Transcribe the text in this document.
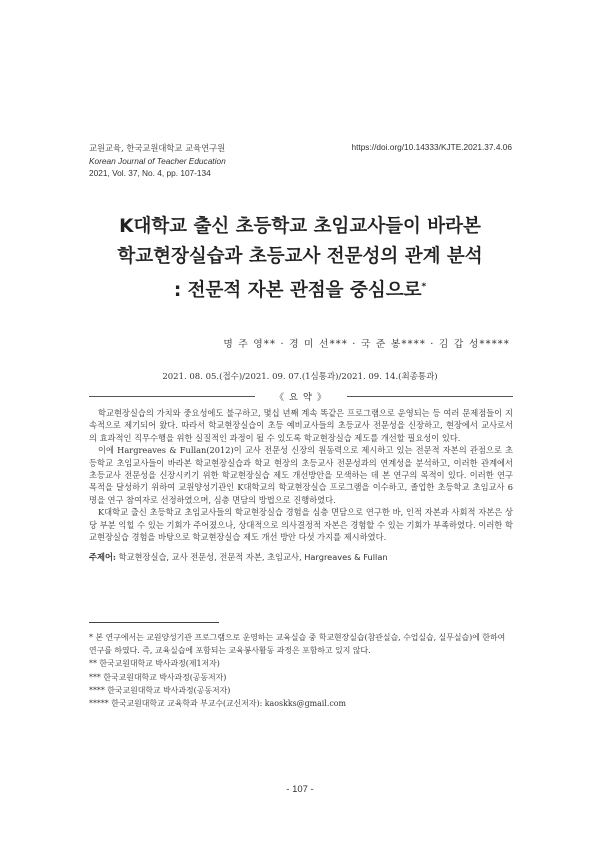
교원교육, 한국교원대학교 교육연구원
Korean Journal of Teacher Education
2021, Vol. 37, No. 4, pp. 107-134
https://doi.org/10.14333/KJTE.2021.37.4.06
K대학교 출신 초등학교 초임교사들이 바라본
학교현장실습과 초등교사 전문성의 관계 분석
: 전문적 자본 관점을 중심으로*
명 주 영** · 경 미 선*** · 국 준 봉**** · 김 갑 성*****
2021. 08. 05.(접수)/2021. 09. 07.(1심통과)/2021. 09. 14.(최종통과)
《 요 약 》

학교현장실습의 가치와 중요성에도 불구하고, 몇십 년째 계속 똑같은 프로그램으로 운영되는 등 여러 문제점들이 지속적으로 제기되어 왔다. 따라서 학교현장실습이 초등 예비교사들의 초등교사 전문성을 신장하고, 현장에서 교사로서의 효과적인 직무수행을 위한 실질적인 과정이 될 수 있도록 학교현장실습 제도를 개선할 필요성이 있다.

이에 Hargreaves & Fullan(2012)이 교사 전문성 신장의 원동력으로 제시하고 있는 전문적 자본의 관점으로 초등학교 초임교사들이 바라본 학교현장실습과 학교 현장의 초등교사 전문성과의 연계성을 분석하고, 이러한 관계에서 초등교사 전문성을 신장시키기 위한 학교현장실습 제도 개선방안을 모색하는 데 본 연구의 목적이 있다. 이러한 연구 목적을 달성하기 위하여 교원양성기관인 K대학교의 학교현장실습 프로그램을 이수하고, 졸업한 초등학교 초임교사 6명을 연구 참여자로 선정하였으며, 심층 면담의 방법으로 진행하였다.

K대학교 출신 초등학교 초임교사들의 학교현장실습 경험을 심층 면담으로 연구한 바, 인적 자본과 사회적 자본은 상당 부분 익힐 수 있는 기회가 주어졌으나, 상대적으로 의사결정적 자본은 경험할 수 있는 기회가 부족하였다. 이러한 학교현장실습 경험을 바탕으로 학교현장실습 제도 개선 방안 다섯 가지를 제시하였다.

주제어: 학교현장실습, 교사 전문성, 전문적 자본, 초임교사, Hargreaves & Fullan

* 본 연구에서는 교원양성기관 프로그램으로 운영하는 교육실습 중 학교현장실습(참관실습, 수업실습, 실무실습)에 한하여 연구를 하였다. 즉, 교육실습에 포함되는 교육봉사활동 과정은 포함하고 있지 않다.
** 한국교원대학교 박사과정(제1저자)
*** 한국교원대학교 박사과정(공동저자)
**** 한국교원대학교 박사과정(공동저자)
***** 한국교원대학교 교육학과 부교수(교신저자): kaoskks@gmail.com
- 107 -
